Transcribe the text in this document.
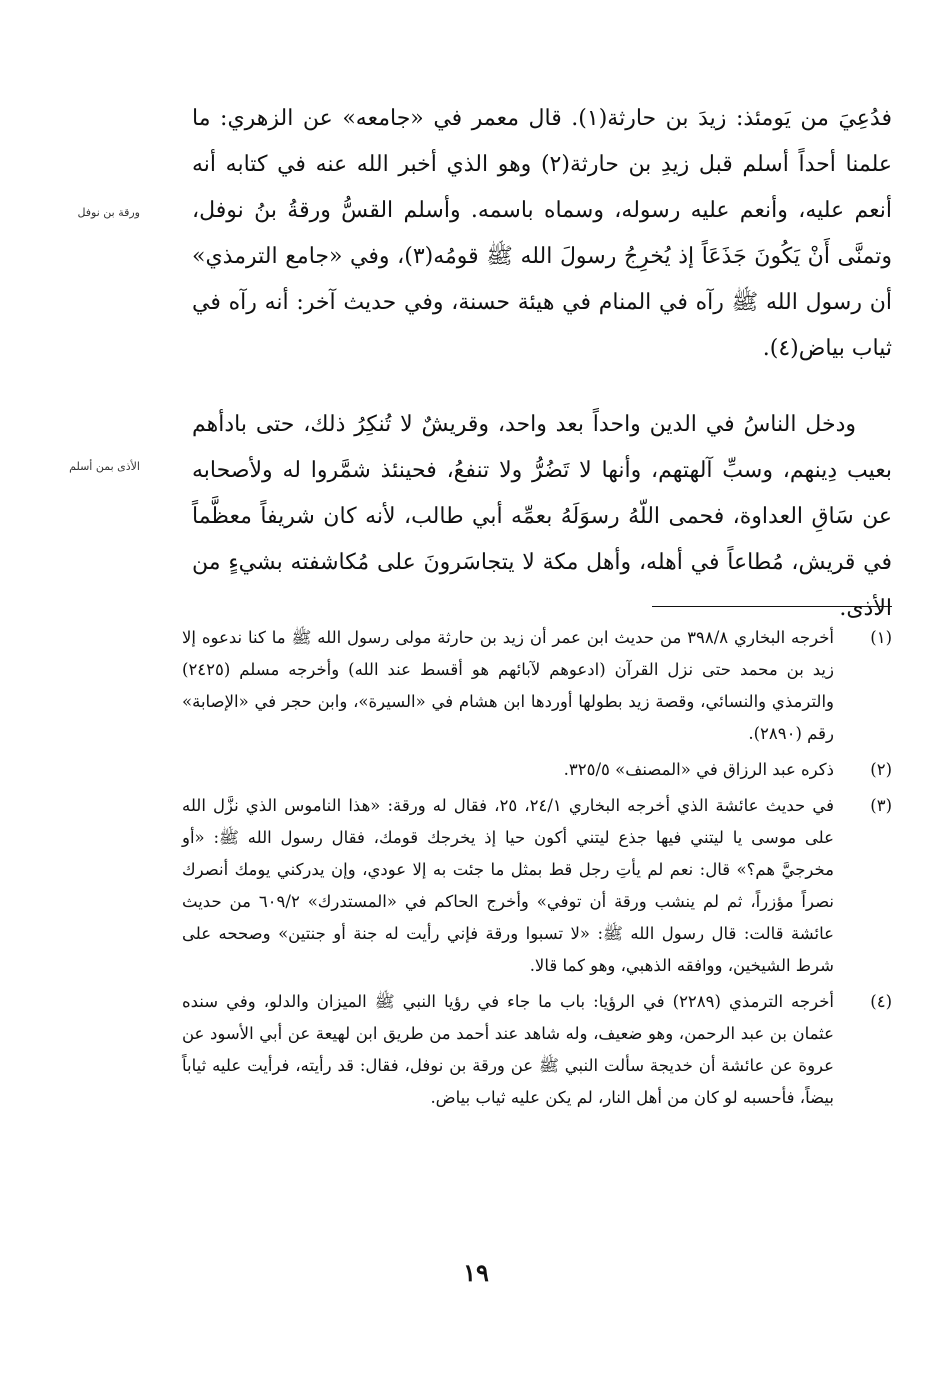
فدُعِيَ من يَومئذ: زيدَ بن حارثة(١). قال معمر في «جامعه» عن الزهري: ما علمنا أحداً أسلم قبل زيدِ بن حارثة(٢) وهو الذي أخبر الله عنه في كتابه أنه أنعم عليه، وأنعم عليه رسوله، وسماه باسمه. وأسلم القسُّ ورقةُ بنُ نوفل، وتمنَّى أَنْ يَكُونَ جَذَعَاً إذ يُخرِجُ رسولَ الله ﷺ قومُه(٣)، وفي «جامع الترمذي» أن رسول الله ﷺ رآه في المنام في هيئة حسنة، وفي حديث آخر: أنه رآه في ثياب بياض(٤).

ودخل الناسُ في الدين واحداً بعد واحد، وقريشٌ لا تُنكِرُ ذلك، حتى بادأهم بعيب دِينهم، وسبِّ آلهتهم، وأنها لا تَضُرُّ ولا تنفعُ، فحينئذ شمَّروا له ولأصحابه عن سَاقِ العداوة، فحمى اللّهُ رسوَلَهُ بعمِّه أبي طالب، لأنه كان شريفاً معظَّماً في قريش، مُطاعاً في أهله، وأهل مكة لا يتجاسَرونَ على مُكاشفته بشيءٍ من الأذى.

ورقة بن نوفل
الأذى بمن أسلم
(١)
أخرجه البخاري ٣٩٨/٨ من حديث ابن عمر أن زيد بن حارثة مولى رسول الله ﷺ ما كنا ندعوه إلا زيد بن محمد حتى نزل القرآن (ادعوهم لآبائهم هو أقسط عند الله) وأخرجه مسلم (٢٤٢٥) والترمذي والنسائي، وقصة زيد بطولها أوردها ابن هشام في «السيرة»، وابن حجر في «الإصابة» رقم (٢٨٩٠).
(٢)
ذكره عبد الرزاق في «المصنف» ٣٢٥/٥.
(٣)
في حديث عائشة الذي أخرجه البخاري ٢٤/١، ٢٥، فقال له ورقة: «هذا الناموس الذي نزَّل الله على موسى يا ليتني فيها جذع ليتني أكون حيا إذ يخرجك قومك، فقال رسول الله ﷺ: «أو مخرجيَّ هم؟» قال: نعم لم يأتِ رجل قط بمثل ما جئت به إلا عودي، وإن يدركني يومك أنصرك نصراً مؤزراً، ثم لم ينشب ورقة أن توفي» وأخرج الحاكم في «المستدرك» ٦٠٩/٢ من حديث عائشة قالت: قال رسول الله ﷺ: «لا تسبوا ورقة فإني رأيت له جنة أو جنتين» وصححه على شرط الشيخين، ووافقه الذهبي، وهو كما قالا.
(٤)
أخرجه الترمذي (٢٢٨٩) في الرؤيا: باب ما جاء في رؤيا النبي ﷺ الميزان والدلو، وفي سنده عثمان بن عبد الرحمن، وهو ضعيف، وله شاهد عند أحمد من طريق ابن لهيعة عن أبي الأسود عن عروة عن عائشة أن خديجة سألت النبي ﷺ عن ورقة بن نوفل، فقال: قد رأيته، فرأيت عليه ثياباً بيضاً، فأحسبه لو كان من أهل النار، لم يكن عليه ثياب بياض.
١٩
